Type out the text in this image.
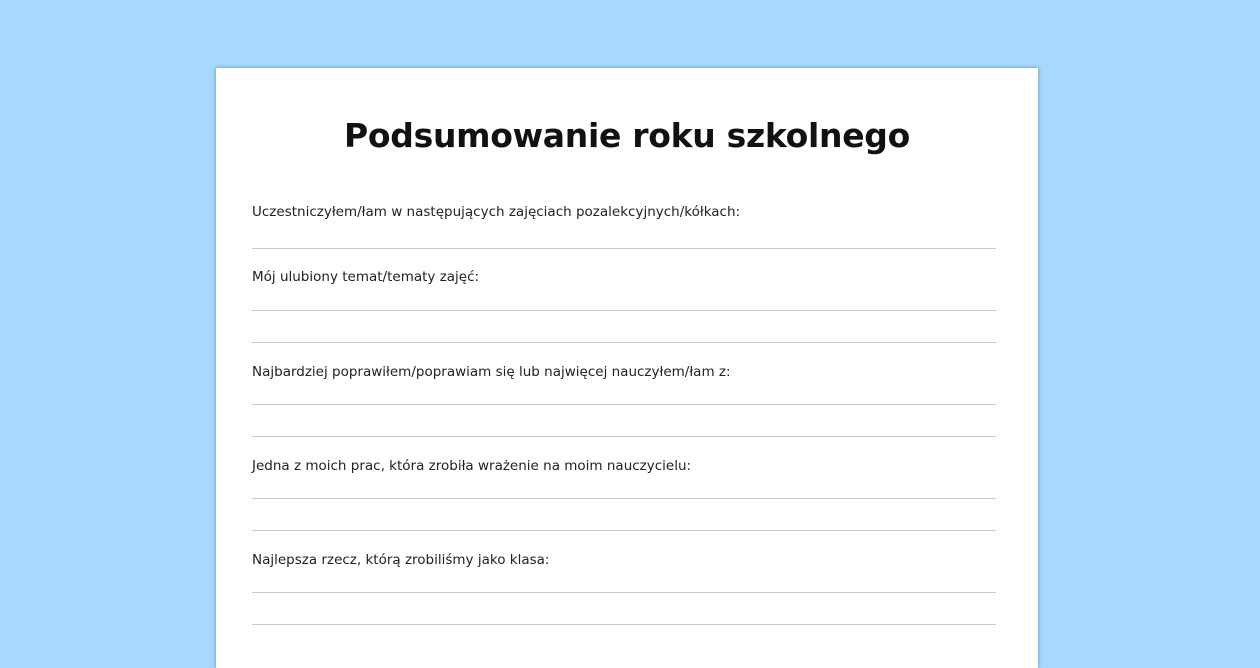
Podsumowanie roku szkolnego
Uczestniczyłem/łam w następujących zajęciach pozalekcyjnych/kółkach:
Mój ulubiony temat/tematy zajęć:
Najbardziej poprawiłem/poprawiam się lub najwięcej nauczyłem/łam z:
Jedna z moich prac, która zrobiła wrażenie na moim nauczycielu:
Najlepsza rzecz, którą zrobiliśmy jako klasa:
